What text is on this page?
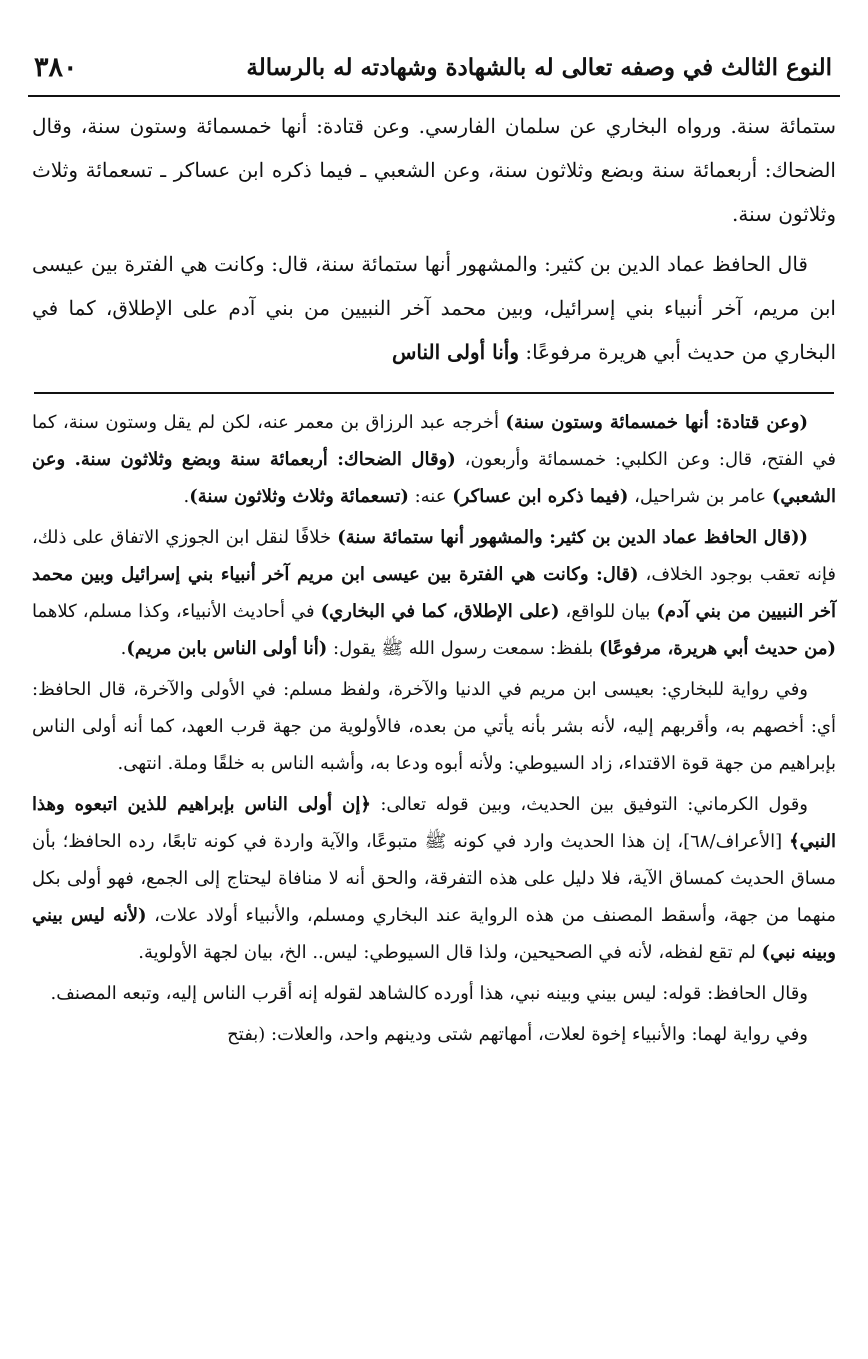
النوع الثالث في وصفه تعالى له بالشهادة وشهادته له بالرسالة
٣٨٠

ستمائة سنة. ورواه البخاري عن سلمان الفارسي. وعن قتادة: أنها خمسمائة وستون سنة، وقال الضحاك: أربعمائة سنة وبضع وثلاثون سنة، وعن الشعبي ـ فيما ذكره ابن عساكر ـ تسعمائة وثلاث وثلاثون سنة.

قال الحافظ عماد الدين بن كثير: والمشهور أنها ستمائة سنة، قال: وكانت هي الفترة بين عيسى ابن مريم، آخر أنبياء بني إسرائيل، وبين محمد آخر النبيين من بني آدم على الإطلاق، كما في البخاري من حديث أبي هريرة مرفوعًا: وأنا أولى الناس

(وعن قتادة: أنها خمسمائة وستون سنة) أخرجه عبد الرزاق بن معمر عنه، لكن لم يقل وستون سنة، كما في الفتح، قال: وعن الكلبي: خمسمائة وأربعون، (وقال الضحاك: أربعمائة سنة وبضع وثلاثون سنة. وعن الشعبي) عامر بن شراحيل، (فيما ذكره ابن عساكر) عنه: (تسعمائة وثلاث وثلاثون سنة).

((قال الحافظ عماد الدين بن كثير: والمشهور أنها ستمائة سنة) خلافًا لنقل ابن الجوزي الاتفاق على ذلك، فإنه تعقب بوجود الخلاف، (قال: وكانت هي الفترة بين عيسى ابن مريم آخر أنبياء بني إسرائيل وبين محمد آخر النبيين من بني آدم) بيان للواقع، (على الإطلاق، كما في البخاري) في أحاديث الأنبياء، وكذا مسلم، كلاهما (من حديث أبي هريرة، مرفوعًا) بلفظ: سمعت رسول الله ﷺ يقول: (أنا أولى الناس بابن مريم).

وفي رواية للبخاري: بعيسى ابن مريم في الدنيا والآخرة، ولفظ مسلم: في الأولى والآخرة، قال الحافظ: أي: أخصهم به، وأقربهم إليه، لأنه بشر بأنه يأتي من بعده، فالأولوية من جهة قرب العهد، كما أنه أولى الناس بإبراهيم من جهة قوة الاقتداء، زاد السيوطي: ولأنه أبوه ودعا به، وأشبه الناس به خلقًا وملة. انتهى.

وقول الكرماني: التوفيق بين الحديث، وبين قوله تعالى: ﴿إن أولى الناس بإبراهيم للذين اتبعوه وهذا النبي﴾ [الأعراف/٦٨]، إن هذا الحديث وارد في كونه ﷺ متبوعًا، والآية واردة في كونه تابعًا، رده الحافظ؛ بأن مساق الحديث كمساق الآية، فلا دليل على هذه التفرقة، والحق أنه لا منافاة ليحتاج إلى الجمع، فهو أولى بكل منهما من جهة، وأسقط المصنف من هذه الرواية عند البخاري ومسلم، والأنبياء أولاد علات، (لأنه ليس بيني وبينه نبي) لم تقع لفظه، لأنه في الصحيحين، ولذا قال السيوطي: ليس.. الخ، بيان لجهة الأولوية.

وقال الحافظ: قوله: ليس بيني وبينه نبي، هذا أورده كالشاهد لقوله إنه أقرب الناس إليه، وتبعه المصنف.

وفي رواية لهما: والأنبياء إخوة لعلات، أمهاتهم شتى ودينهم واحد، والعلات: (بفتح
